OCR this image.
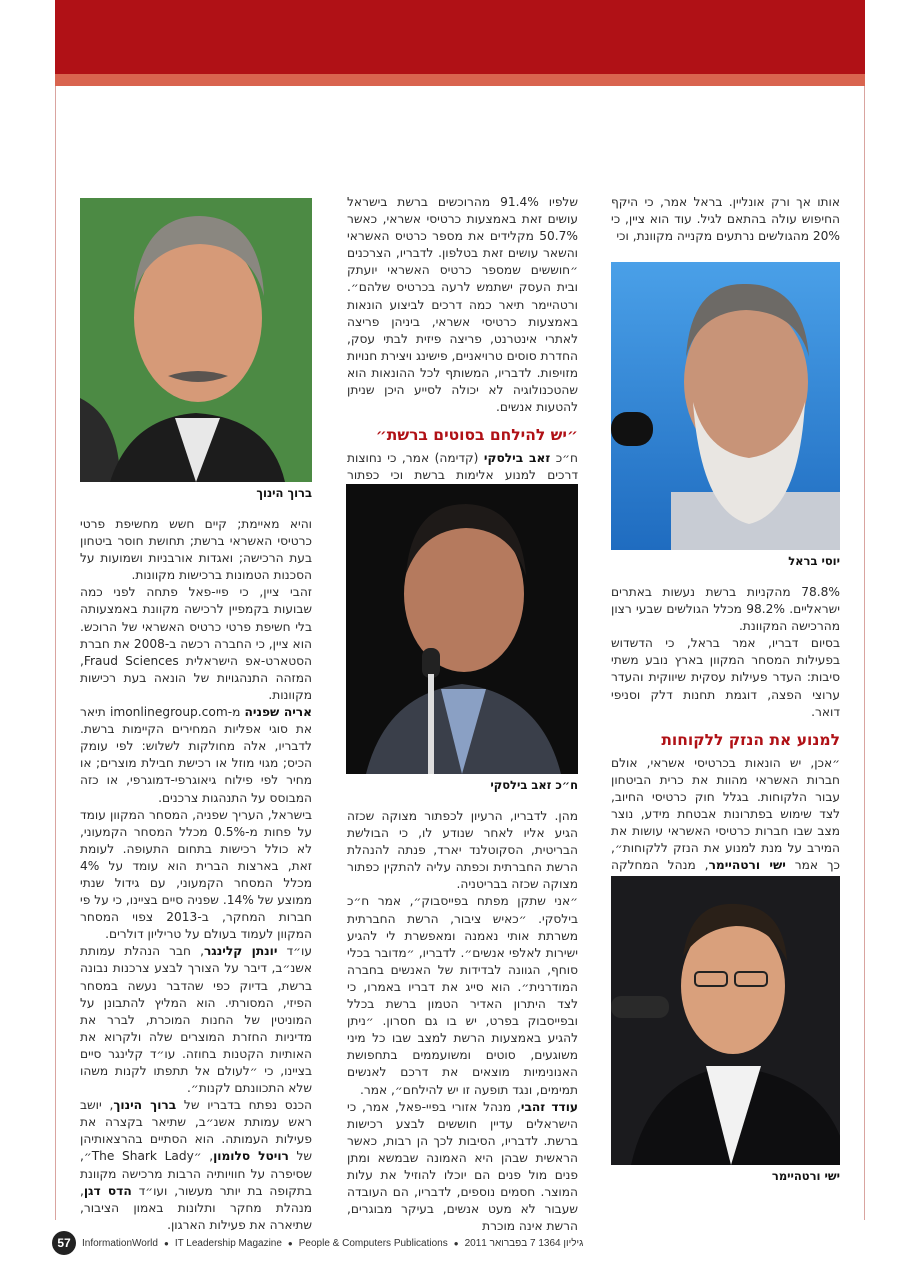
אותו אך ורק אונליין. בראל אמר, כי היקף החיפוש עולה בהתאם לגיל. עוד הוא ציין, כי 20% מהגולשים נרתעים מקנייה מקוונת, וכי

יוסי בראל

78.8% מהקניות ברשת נעשות באתרים ישראליים. 98.2% מכלל הגולשים שבעי רצון מהרכישה המקוונת.

בסיום דבריו, אמר בראל, כי הדשדוש בפעילות המסחר המקוון בארץ נובע משתי סיבות: העדר פעילות עסקית שיווקית והעדר ערוצי הפצה, דוגמת תחנות דלק וסניפי דואר.

למנוע את הנזק ללקוחות

״אכן, יש הונאות בכרטיסי אשראי, אולם חברות האשראי מהוות את כרית הביטחון עבור הלקוחות. בגלל חוק כרטיסי החיוב, לצד שימוש בפתרונות אבטחת מידע, נוצר מצב שבו חברות כרטיסי האשראי עושות את המירב על מנת למנוע את הנזק ללקוחות״, כך אמר ישי ורטהיימר, מנהל המחלקה

ישי ורטהיימר

שלפיו 91.4% מהרוכשים ברשת בישראל עושים זאת באמצעות כרטיסי אשראי, כאשר 50.7% מקלידים את מספר כרטיס האשראי והשאר עושים זאת בטלפון. לדבריו, הצרכנים ״חוששים שמספר כרטיס האשראי יועתק ובית העסק ישתמש לרעה בכרטיס שלהם״. ורטהיימר תיאר כמה דרכים לביצוע הונאות באמצעות כרטיסי אשראי, ביניהן פריצה לאתרי אינטרנט, פריצה פיזית לבתי עסק, החדרת סוסים טרויאניים, פישינג ויצירת חנויות מזויפות. לדבריו, המשותף לכל ההונאות הוא שהטכנולוגיה לא יכולה לסייע היכן שניתן להטעות אנשים.

״יש להילחם בסוטים ברשת״

ח״כ זאב בילסקי (קדימה) אמר, כי נחוצות דרכים למנוע אלימות ברשת וכי כפתור

ח״כ זאב בילסקי

מהן. לדבריו, הרעיון לכפתור מצוקה שכזה הגיע אליו לאחר שנודע לו, כי הבולשת הבריטית, הסקוטלנד יארד, פנתה להנהלת הרשת החברתית וכפתה עליה להתקין כפתור מצוקה שכזה בבריטניה.

״אני שתקן מפתח בפייסבוק״, אמר ח״כ בילסקי. ״כאיש ציבור, הרשת החברתית משרתת אותי נאמנה ומאפשרת לי להגיע ישירות לאלפי אנשים״. לדבריו, ״מדובר בכלי סוחף, הגוונה לבדידות של האנשים בחברה המודרנית״. הוא סייג את דבריו באמרו, כי לצד היתרון האדיר הטמון ברשת בכלל ובפייסבוק בפרט, יש בו גם חסרון. ״ניתן להגיע באמצעות הרשת למצב שבו כל מיני משוגעים, סוטים ומשועממים בתחפושת האנונימיות מוצאים את דרכם לאנשים תמימים, ונגד תופעה זו יש להילחם״, אמר.

עודד זהבי, מנהל אזורי בפיי-פאל, אמר, כי הישראלים עדיין חוששים לבצע רכישות ברשת. לדבריו, הסיבות לכך הן רבות, כאשר הראשית שבהן היא האמונה שבמשא ומתן פנים מול פנים הם יוכלו להוזיל את עלות המוצר. חסמים נוספים, לדבריו, הם העובדה שעבור לא מעט אנשים, בעיקר מבוגרים, הרשת אינה מוכרת

ברוך הינוך

והיא מאיימת; קיים חשש מחשיפת פרטי כרטיסי האשראי ברשת; תחושת חוסר ביטחון בעת הרכישה; ואגדות אורבניות ושמועות על הסכנות הטמונות ברכישות מקוונות.

זהבי ציין, כי פיי-פאל פתחה לפני כמה שבועות בקמפיין לרכישה מקוונת באמצעותה בלי חשיפת פרטי כרטיס האשראי של הרוכש. הוא ציין, כי החברה רכשה ב-2008 את חברת הסטארט-אפ הישראלית Fraud Sciences, המזהה התנהגויות של הונאה בעת רכישות מקוונות.

אריה שפניה מ-imonlinegroup.com תיאר את סוגי אפליות המחירים הקיימות ברשת. לדבריו, אלה מחולקות לשלוש: לפי עומק הכיס; מגוי מוזל או רכישת חבילת מוצרים; או מחיר לפי פילוח גיאוגרפי-דמוגרפי, או כזה המבוסס על התנהגות צרכנים.

בישראל, העריך שפניה, המסחר המקוון עומד על פחות מ-0.5% מכלל המסחר הקמעוני, לא כולל רכישות בתחום התעופה. לעומת זאת, בארצות הברית הוא עומד על 4% מכלל המסחר הקמעוני, עם גידול שנתי ממוצע של 14%. שפניה סיים בציינו, כי על פי חברות המחקר, ב-2013 צפוי המסחר המקוון לעמוד בעולם על טריליון דולרים.

עו״ד יונתן קלינגר, חבר הנהלת עמותת אשנ״ב, דיבר על הצורך לבצע צרכנות נבונה ברשת, בדיוק כפי שהדבר נעשה במסחר הפיזי, המסורתי. הוא המליץ להתבונן על המוניטין של החנות המוכרת, לברר את מדיניות החזרת המוצרים שלה ולקרוא את האותיות הקטנות בחוזה. עו״ד קלינגר סיים בציינו, כי ״לעולם אל תתפתו לקנות משהו שלא התכוונתם לקנות״.

הכנס נפתח בדבריו של ברוך הינוך, יושב ראש עמותת אשנ״ב, שתיאר בקצרה את פעילות העמותה. הוא הסתיים בהרצאותיהן של רויטל סלומון, ״The Shark Lady״, שסיפרה על חוויותיה הרבות מרכישה מקוונת בתקופה בת יותר מעשור, ועו״ד הדס דגן, מנהלת מחקר ותלונות באמון הציבור, שתיארה את פעילות הארגון.

57	InformationWorld ● IT Leadership Magazine ● People & Computers Publications ● גיליון 1364 7 בפברואר 2011
